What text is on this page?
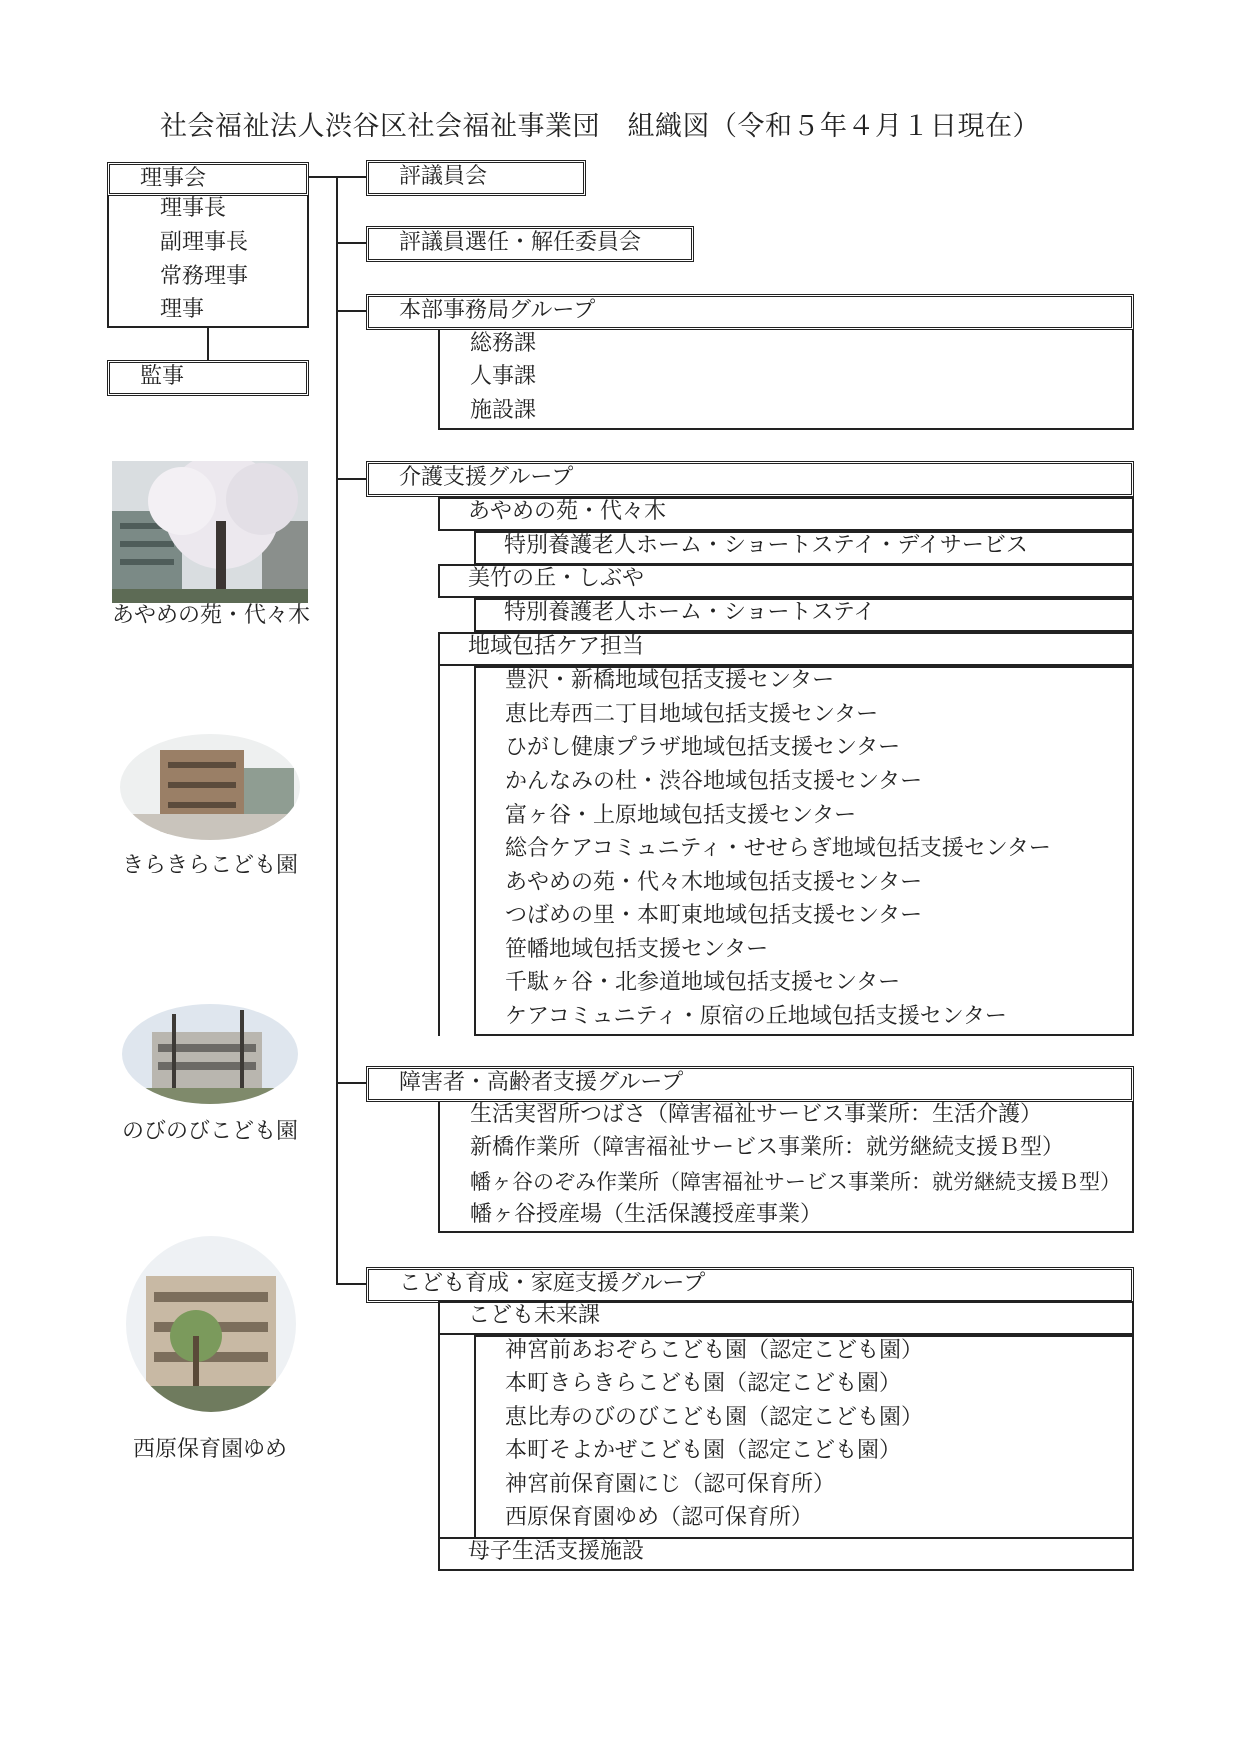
社会福祉法人渋谷区社会福祉事業団　組織図（令和５年４月１日現在）
理事会
理事長
副理事長
常務理事
理事
監事
評議員会
評議員選任・解任委員会
本部事務局グループ
総務課
人事課
施設課
介護支援グループ
あやめの苑・代々木
特別養護老人ホーム・ショートステイ・デイサービス
美竹の丘・しぶや
特別養護老人ホーム・ショートステイ
地域包括ケア担当
豊沢・新橋地域包括支援センター
恵比寿西二丁目地域包括支援センター
ひがし健康プラザ地域包括支援センター
かんなみの杜・渋谷地域包括支援センター
富ヶ谷・上原地域包括支援センター
総合ケアコミュニティ・せせらぎ地域包括支援センター
あやめの苑・代々木地域包括支援センター
つばめの里・本町東地域包括支援センター
笹幡地域包括支援センター
千駄ヶ谷・北参道地域包括支援センター
ケアコミュニティ・原宿の丘地域包括支援センター
障害者・高齢者支援グループ
生活実習所つばさ（障害福祉サービス事業所：生活介護）
新橋作業所（障害福祉サービス事業所：就労継続支援Ｂ型）
幡ヶ谷のぞみ作業所（障害福祉サービス事業所：就労継続支援Ｂ型）
幡ヶ谷授産場（生活保護授産事業）
こども育成・家庭支援グループ
こども未来課
神宮前あおぞらこども園（認定こども園）
本町きらきらこども園（認定こども園）
恵比寿のびのびこども園（認定こども園）
本町そよかぜこども園（認定こども園）
神宮前保育園にじ（認可保育所）
西原保育園ゆめ（認可保育所）
母子生活支援施設
あやめの苑・代々木
きらきらこども園
のびのびこども園
西原保育園ゆめ
